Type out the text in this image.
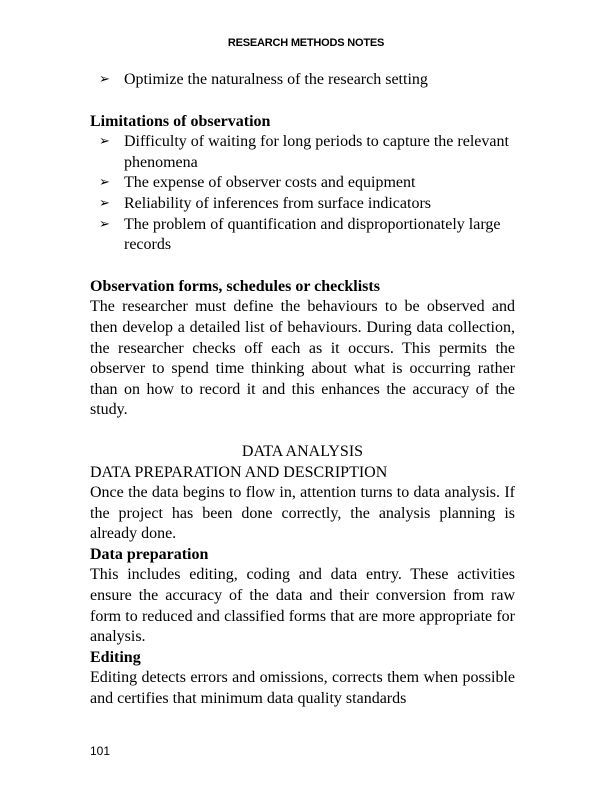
RESEARCH METHODS NOTES
➢ Optimize the naturalness of the research setting
Limitations of observation
➢ Difficulty of waiting for long periods to capture the relevant phenomena
➢ The expense of observer costs and equipment
➢ Reliability of inferences from surface indicators
➢ The problem of quantification and disproportionately large records
Observation forms, schedules or checklists
The researcher must define the behaviours to be observed and then develop a detailed list of behaviours. During data collection, the researcher checks off each as it occurs. This permits the observer to spend time thinking about what is occurring rather than on how to record it and this enhances the accuracy of the study.
DATA ANALYSIS
DATA PREPARATION AND DESCRIPTION
Once the data begins to flow in, attention turns to data analysis. If the project has been done correctly, the analysis planning is already done.
Data preparation
This includes editing, coding and data entry. These activities ensure the accuracy of the data and their conversion from raw form to reduced and classified forms that are more appropriate for analysis.
Editing
Editing detects errors and omissions, corrects them when possible and certifies that minimum data quality standards
101
